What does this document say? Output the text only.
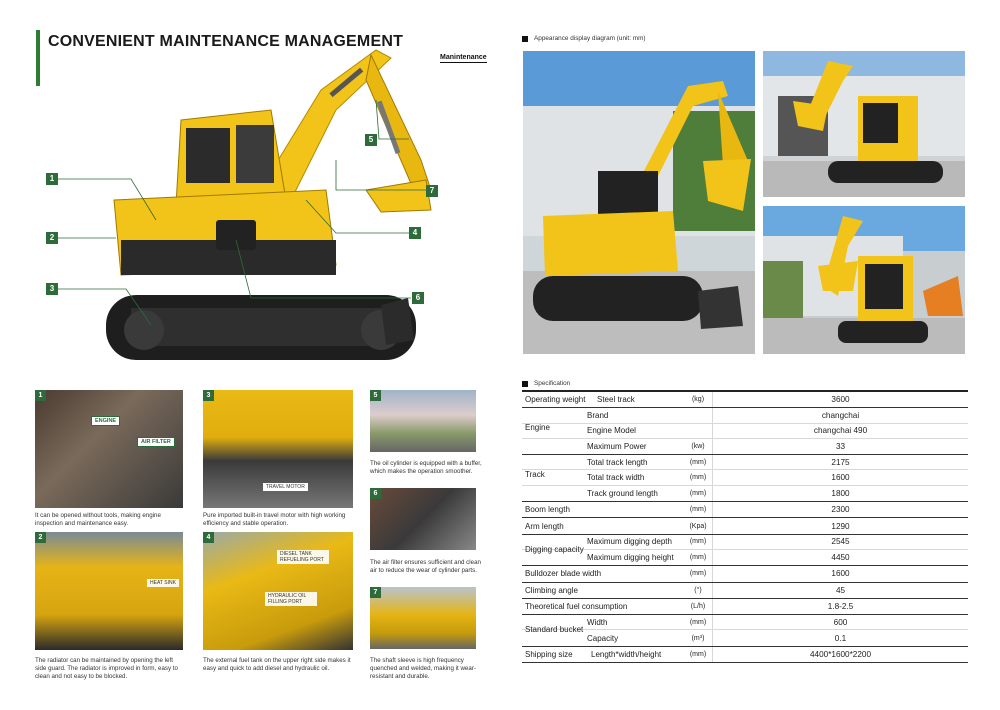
CONVENIENT MAINTENANCE MANAGEMENT
Manintenance
1
2
3
4
5
6
7
1
ENGINE
AIR FILTER
It can be opened without tools, making engine inspection and maintenance easy.
2
HEAT SINK
The radiator can be maintained by opening the left side guard. The radiator is improved in form, easy to clean and not easy to be blocked.
3
TRAVEL MOTOR
Pure imported built-in travel motor with high working efficiency and stable operation.
4
DIESEL TANK REFUELING PORT
HYDRAULIC OIL FILLING PORT
The external fuel tank on the upper right side makes it easy and quick to add diesel and hydraulic oil.
5
The oil cylinder is equipped with a buffer, which makes the operation smoother.
6
The air filter ensures sufficient and clean air to reduce the wear of cylinder parts.
7
The shaft sleeve is high frequency quenched and welded, making it wear-resistant and durable.
Appearance display diagram (unit: mm)
Specification
Operating weight	Steel track	(kg)	3600
Engine
Brand	changchai
Engine Model	changchai 490
Maximum Power	(kw)	33
Track
Total track length	(mm)	2175
Total track width	(mm)	1600
Track ground length	(mm)	1800
Boom length	(mm)	2300
Arm length	(Kpa)	1290
Digging capacity
Maximum digging depth	(mm)	2545
Maximum digging height	(mm)	4450
Bulldozer blade width	(mm)	1600
Climbing angle	(°)	45
Theoretical fuel consumption	(L/h)	1.8-2.5
Standard bucket
Width	(mm)	600
Capacity	(m³)	0.1
Shipping size	Length*width/height	(mm)	4400*1600*2200
